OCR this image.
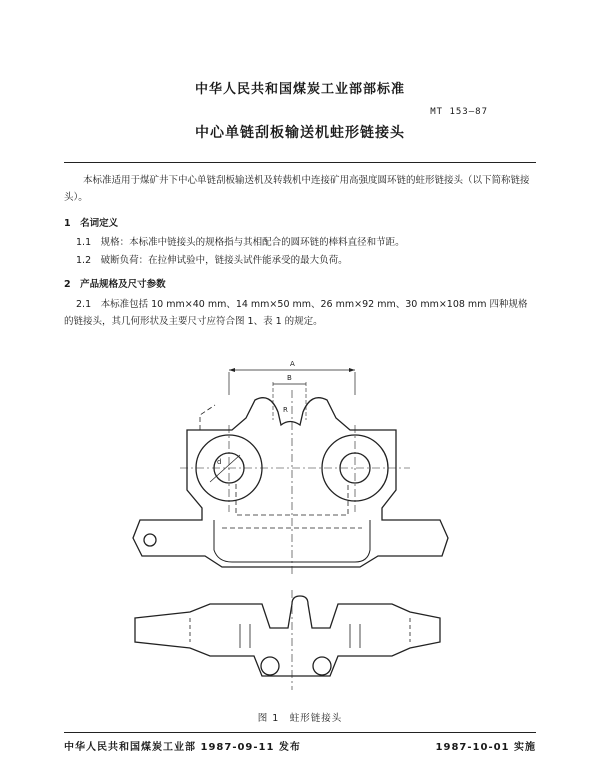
中华人民共和国煤炭工业部部标准
MT 153—87
中心单链刮板输送机蛀形链接头
本标准适用于煤矿井下中心单链刮板输送机及转载机中连接矿用高强度圆环链的蛀形链接头（以下简称链接头）。
1　名词定义
1.1　规格：本标准中链接头的规格指与其相配合的圆环链的棒料直径和节距。
1.2　破断负荷：在拉伸试验中，链接头试件能承受的最大负荷。
2　产品规格及尺寸参数
2.1　本标准包括 10 mm×40 mm、14 mm×50 mm、26 mm×92 mm、30 mm×108 mm 四种规格的链接头，其几何形状及主要尺寸应符合图 1、表 1 的规定。
A
B
R
d
图 1　蛀形链接头
中华人民共和国煤炭工业部 1987-09-11 发布	1987-10-01 实施
